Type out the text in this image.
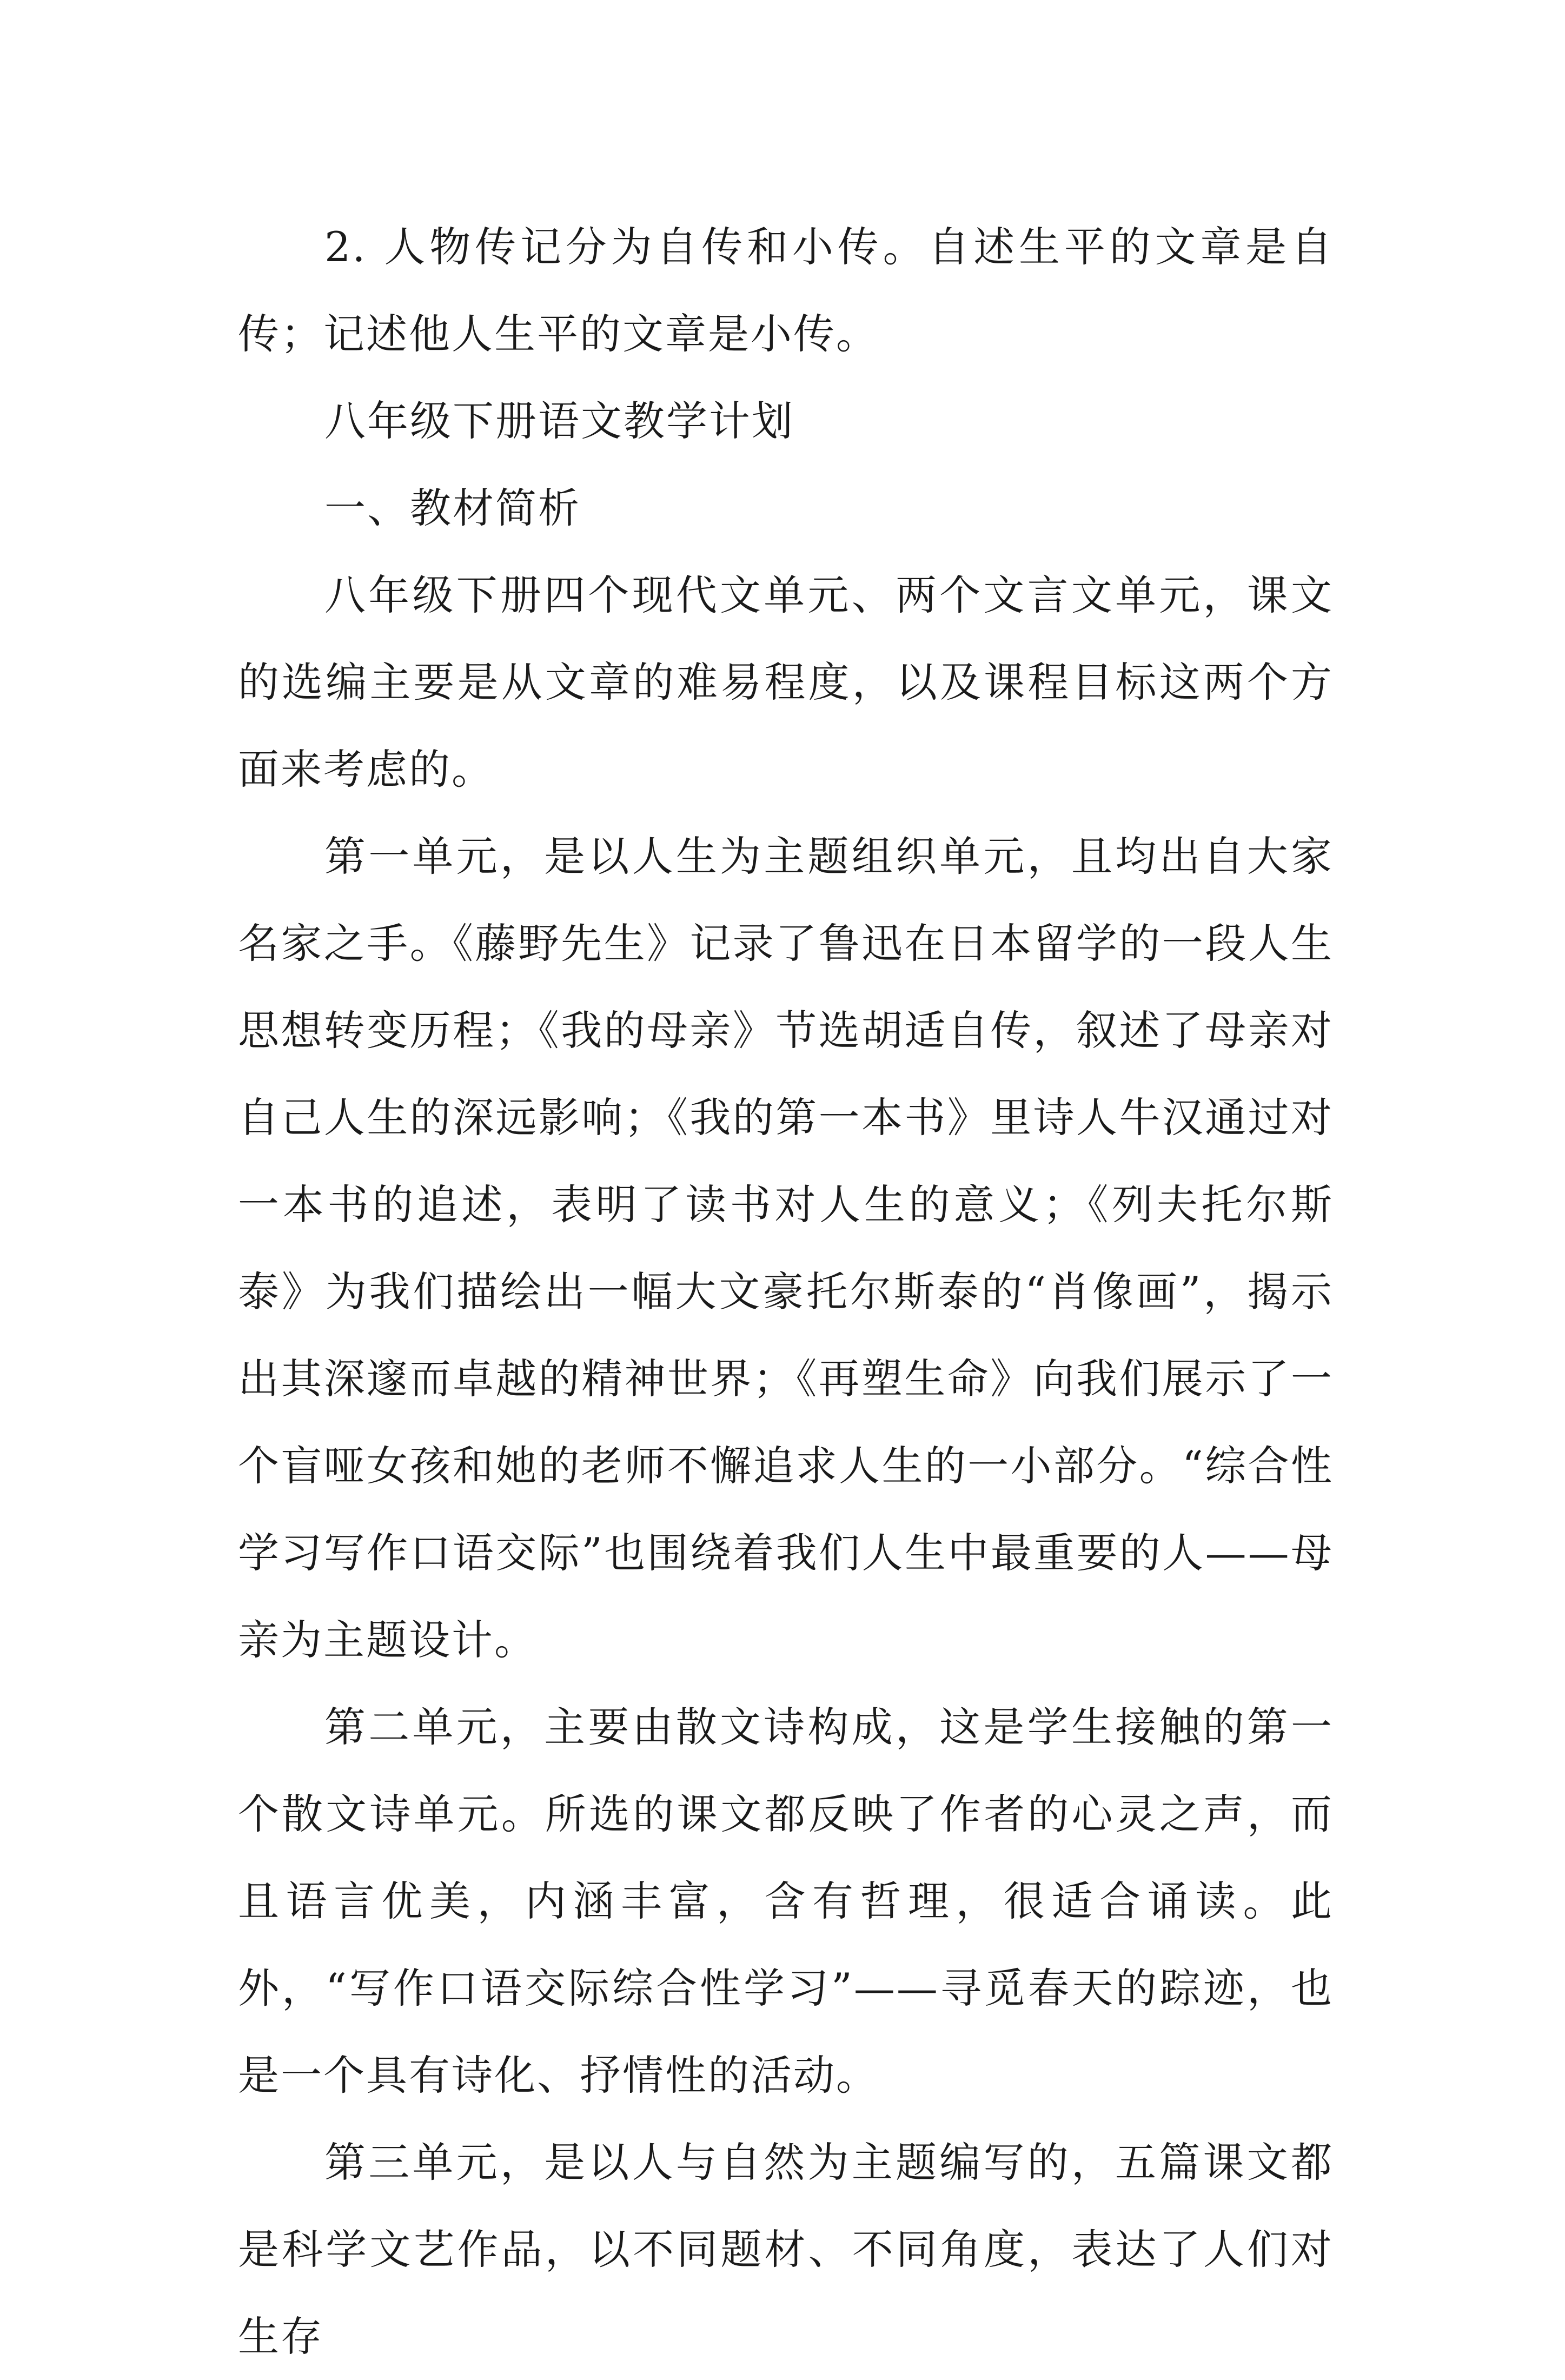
2. 人物传记分为自传和小传。自述生平的文章是自传；记述他人生平的文章是小传。

八年级下册语文教学计划

一、教材简析

八年级下册四个现代文单元、两个文言文单元，课文的选编主要是从文章的难易程度，以及课程目标这两个方面来考虑的。

第一单元，是以人生为主题组织单元，且均出自大家名家之手。《藤野先生》记录了鲁迅在日本留学的一段人生思想转变历程；《我的母亲》节选胡适自传，叙述了母亲对自己人生的深远影响；《我的第一本书》里诗人牛汉通过对一本书的追述，表明了读书对人生的意义；《列夫托尔斯泰》为我们描绘出一幅大文豪托尔斯泰的“肖像画”，揭示出其深邃而卓越的精神世界；《再塑生命》向我们展示了一个盲哑女孩和她的老师不懈追求人生的一小部分。“综合性学习写作口语交际”也围绕着我们人生中最重要的人——母亲为主题设计。

第二单元，主要由散文诗构成，这是学生接触的第一个散文诗单元。所选的课文都反映了作者的心灵之声，而且语言优美，内涵丰富，含有哲理，很适合诵读。此外，“写作口语交际综合性学习”——寻觅春天的踪迹，也是一个具有诗化、抒情性的活动。

第三单元，是以人与自然为主题编写的，五篇课文都是科学文艺作品，以不同题材、不同角度，表达了人们对生存
